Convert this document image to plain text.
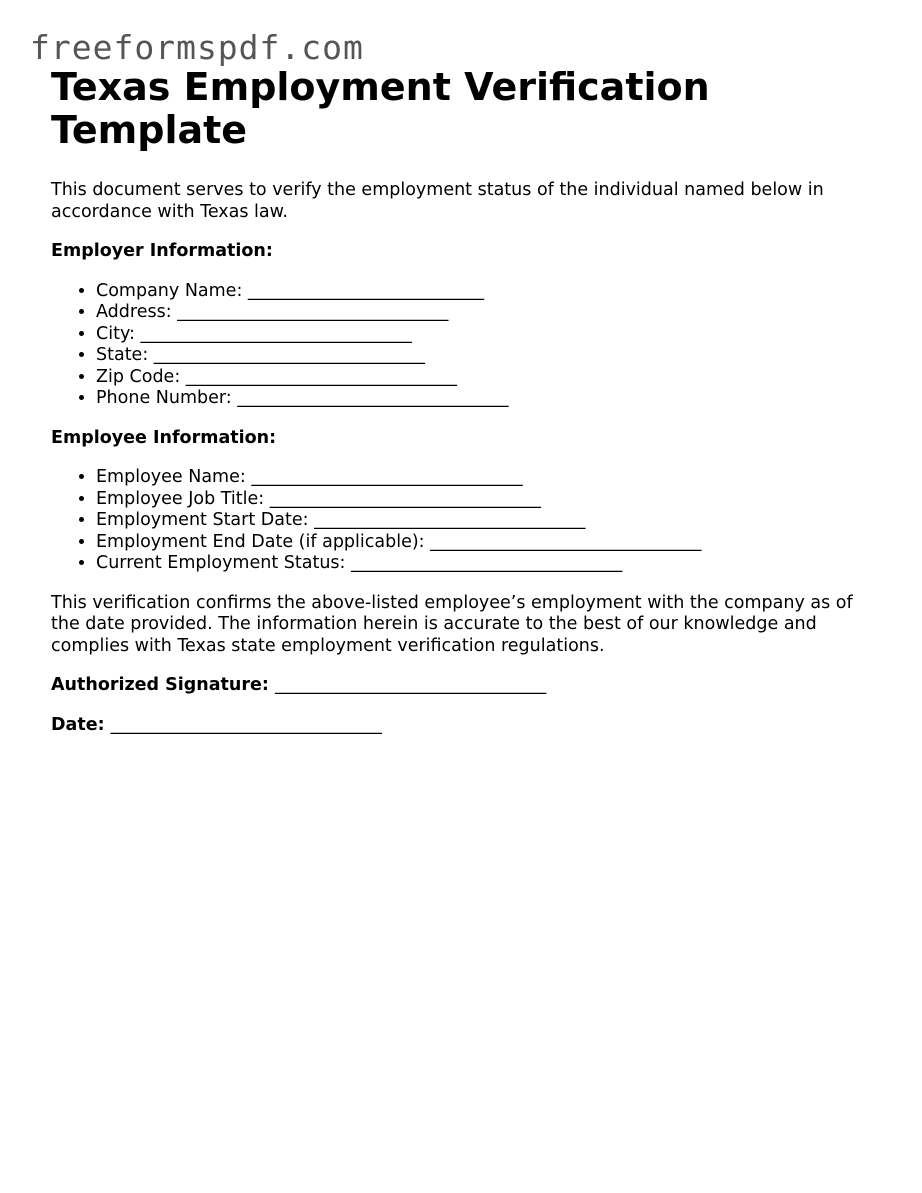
freeformspdf.com
Texas Employment Verification Template

This document serves to verify the employment status of the individual named below in accordance with Texas law.

Employer Information:
• Company Name: ___________________________
• Address: _______________________________
• City: _______________________________
• State: _______________________________
• Zip Code: _______________________________
• Phone Number: _______________________________
Employee Information:
• Employee Name: _______________________________
• Employee Job Title: _______________________________
• Employment Start Date: _______________________________
• Employment End Date (if applicable): _______________________________
• Current Employment Status: _______________________________

This verification confirms the above-listed employee’s employment with the company as of the date provided. The information herein is accurate to the best of our knowledge and complies with Texas state employment verification regulations.

Authorized Signature: _______________________________
Date: _______________________________
